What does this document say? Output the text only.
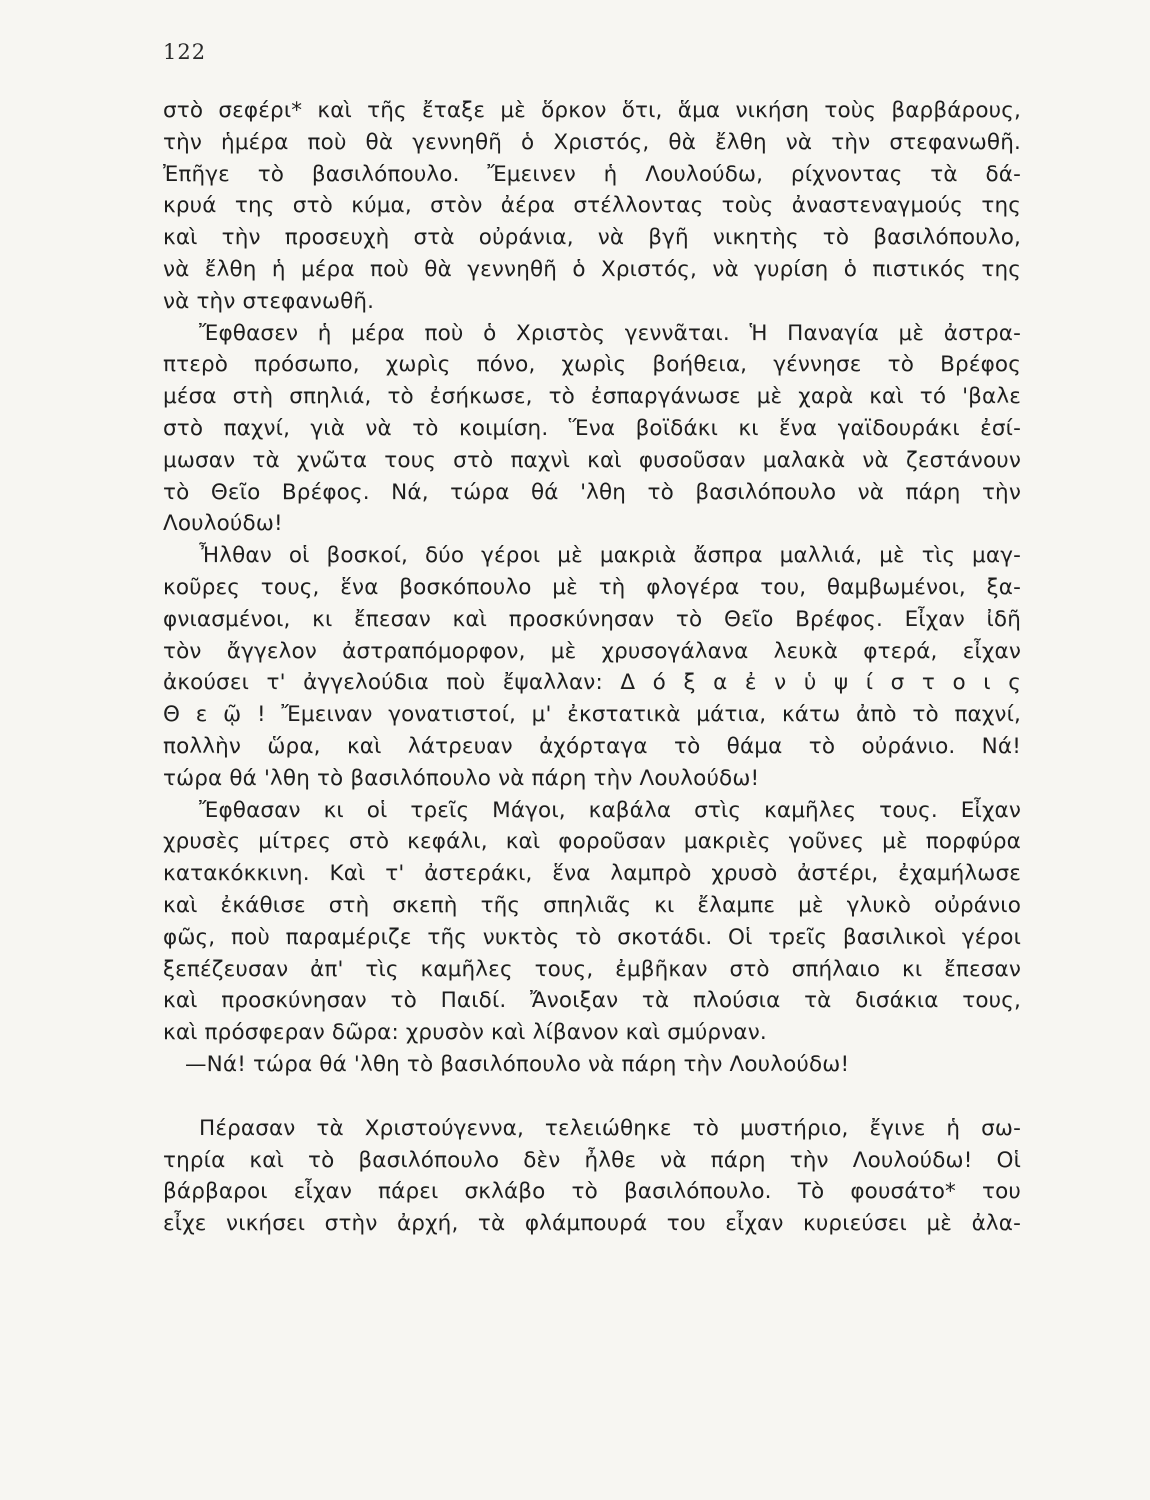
122
στὸ σεφέρι* καὶ τῆς ἔταξε μὲ ὅρκον ὅτι, ἅμα νικήση τοὺς βαρβάρους,
τὴν ἡμέρα ποὺ θὰ γεννηθῆ ὁ Χριστός, θὰ ἔλθη νὰ τὴν στεφανωθῆ.
Ἐπῆγε τὸ βασιλόπουλο. Ἔμεινεν ἡ Λουλούδω, ρίχνοντας τὰ δά-
κρυά της στὸ κύμα, στὸν ἀέρα στέλλοντας τοὺς ἀναστεναγμούς της
καὶ τὴν προσευχὴ στὰ οὐράνια, νὰ βγῆ νικητὴς τὸ βασιλόπουλο,
νὰ ἔλθη ἡ μέρα ποὺ θὰ γεννηθῆ ὁ Χριστός, νὰ γυρίση ὁ πιστικός της
νὰ τὴν στεφανωθῆ.
Ἔφθασεν ἡ μέρα ποὺ ὁ Χριστὸς γεννᾶται. Ἡ Παναγία μὲ ἀστρα-
πτερὸ πρόσωπο, χωρὶς πόνο, χωρὶς βοήθεια, γέννησε τὸ Βρέφος
μέσα στὴ σπηλιά, τὸ ἐσήκωσε, τὸ ἐσπαργάνωσε μὲ χαρὰ καὶ τό 'βαλε
στὸ παχνί, γιὰ νὰ τὸ κοιμίση. Ἕνα βοϊδάκι κι ἕνα γαϊδουράκι ἐσί-
μωσαν τὰ χνῶτα τους στὸ παχνὶ καὶ φυσοῦσαν μαλακὰ νὰ ζεστάνουν
τὸ Θεῖο Βρέφος. Νά, τώρα θά 'λθη τὸ βασιλόπουλο νὰ πάρη τὴν
Λουλούδω!
Ἦλθαν οἱ βοσκοί, δύο γέροι μὲ μακριὰ ἄσπρα μαλλιά, μὲ τὶς μαγ-
κοῦρες τους, ἕνα βοσκόπουλο μὲ τὴ φλογέρα του, θαμβωμένοι, ξα-
φνιασμένοι, κι ἔπεσαν καὶ προσκύνησαν τὸ Θεῖο Βρέφος. Εἶχαν ἰδῆ
τὸν ἄγγελον ἀστραπόμορφον, μὲ χρυσογάλανα λευκὰ φτερά, εἶχαν
ἀκούσει τ' ἀγγελούδια ποὺ ἔψαλλαν: Δ ό ξ α ἐ ν ὑ ψ ί σ τ ο ι ς
Θ ε ῷ ! Ἔμειναν γονατιστοί, μ' ἐκστατικὰ μάτια, κάτω ἀπὸ τὸ παχνί,
πολλὴν ὥρα, καὶ λάτρευαν ἀχόρταγα τὸ θάμα τὸ οὐράνιο. Νά!
τώρα θά 'λθη τὸ βασιλόπουλο νὰ πάρη τὴν Λουλούδω!
Ἔφθασαν κι οἱ τρεῖς Μάγοι, καβάλα στὶς καμῆλες τους. Εἶχαν
χρυσὲς μίτρες στὸ κεφάλι, καὶ φοροῦσαν μακριὲς γοῦνες μὲ πορφύρα
κατακόκκινη. Καὶ τ' ἀστεράκι, ἕνα λαμπρὸ χρυσὸ ἀστέρι, ἐχαμήλωσε
καὶ ἐκάθισε στὴ σκεπὴ τῆς σπηλιᾶς κι ἔλαμπε μὲ γλυκὸ οὐράνιο
φῶς, ποὺ παραμέριζε τῆς νυκτὸς τὸ σκοτάδι. Οἱ τρεῖς βασιλικοὶ γέροι
ξεπέζευσαν ἀπ' τὶς καμῆλες τους, ἐμβῆκαν στὸ σπήλαιο κι ἔπεσαν
καὶ προσκύνησαν τὸ Παιδί. Ἄνοιξαν τὰ πλούσια τὰ δισάκια τους,
καὶ πρόσφεραν δῶρα: χρυσὸν καὶ λίβανον καὶ σμύρναν.
—Νά! τώρα θά 'λθη τὸ βασιλόπουλο νὰ πάρη τὴν Λουλούδω!
Πέρασαν τὰ Χριστούγεννα, τελειώθηκε τὸ μυστήριο, ἔγινε ἡ σω-
τηρία καὶ τὸ βασιλόπουλο δὲν ἦλθε νὰ πάρη τὴν Λουλούδω! Οἱ
βάρβαροι εἶχαν πάρει σκλάβο τὸ βασιλόπουλο. Τὸ φουσάτο* του
εἶχε νικήσει στὴν ἀρχή, τὰ φλάμπουρά του εἶχαν κυριεύσει μὲ ἀλα-
